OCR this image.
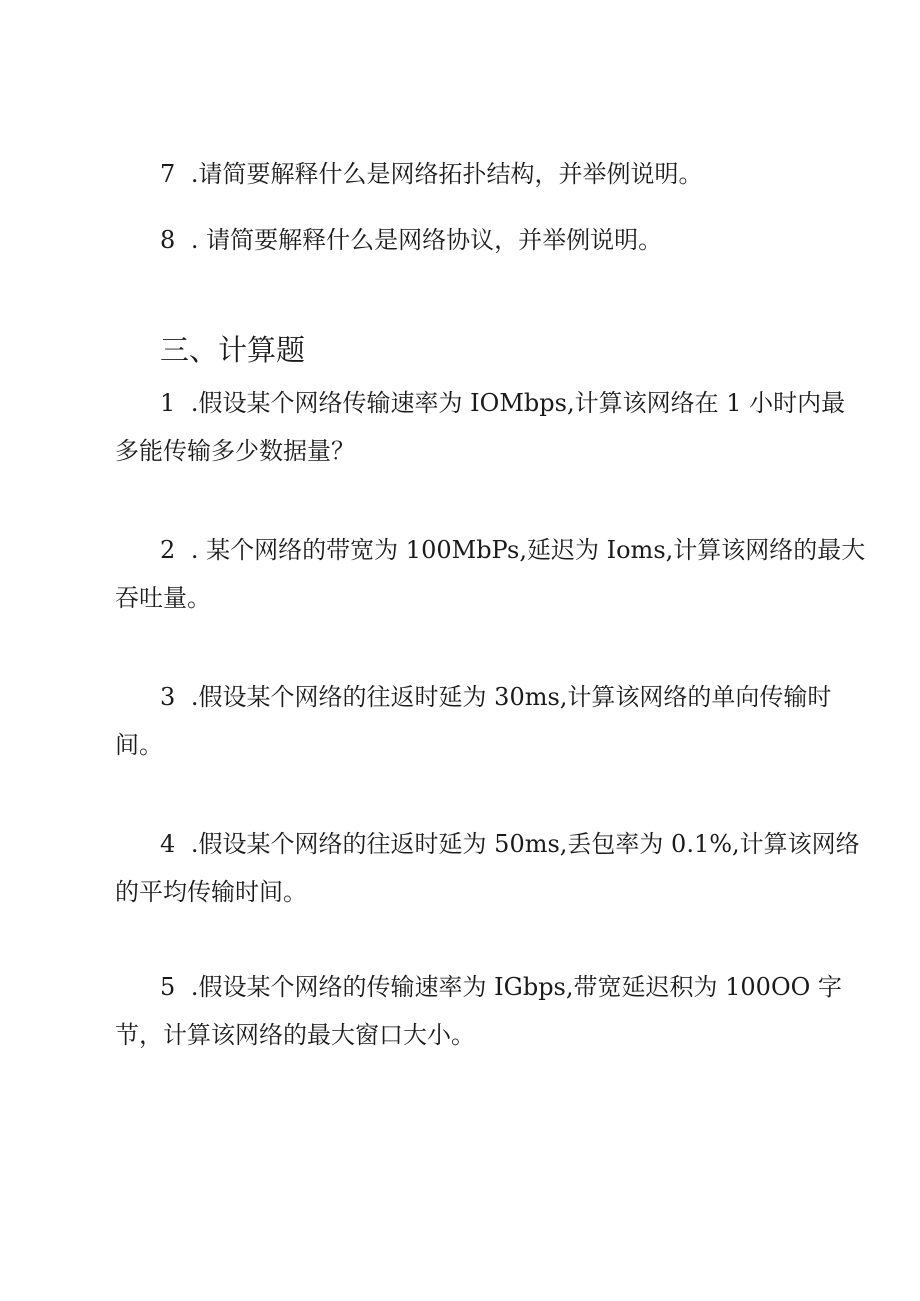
7 .请简要解释什么是网络拓扑结构，并举例说明。

8 . 请简要解释什么是网络协议，并举例说明。

三、计算题

1 .假设某个网络传输速率为 IOMbps,计算该网络在 1 小时内最

多能传输多少数据量？

2 . 某个网络的带宽为 100MbPs,延迟为 Ioms,计算该网络的最大

吞吐量。

3 .假设某个网络的往返时延为 30ms,计算该网络的单向传输时

间。

4 .假设某个网络的往返时延为 50ms,丢包率为 0.1%,计算该网络

的平均传输时间。

5 .假设某个网络的传输速率为 IGbps,带宽延迟积为 100OO 字

节，计算该网络的最大窗口大小。
